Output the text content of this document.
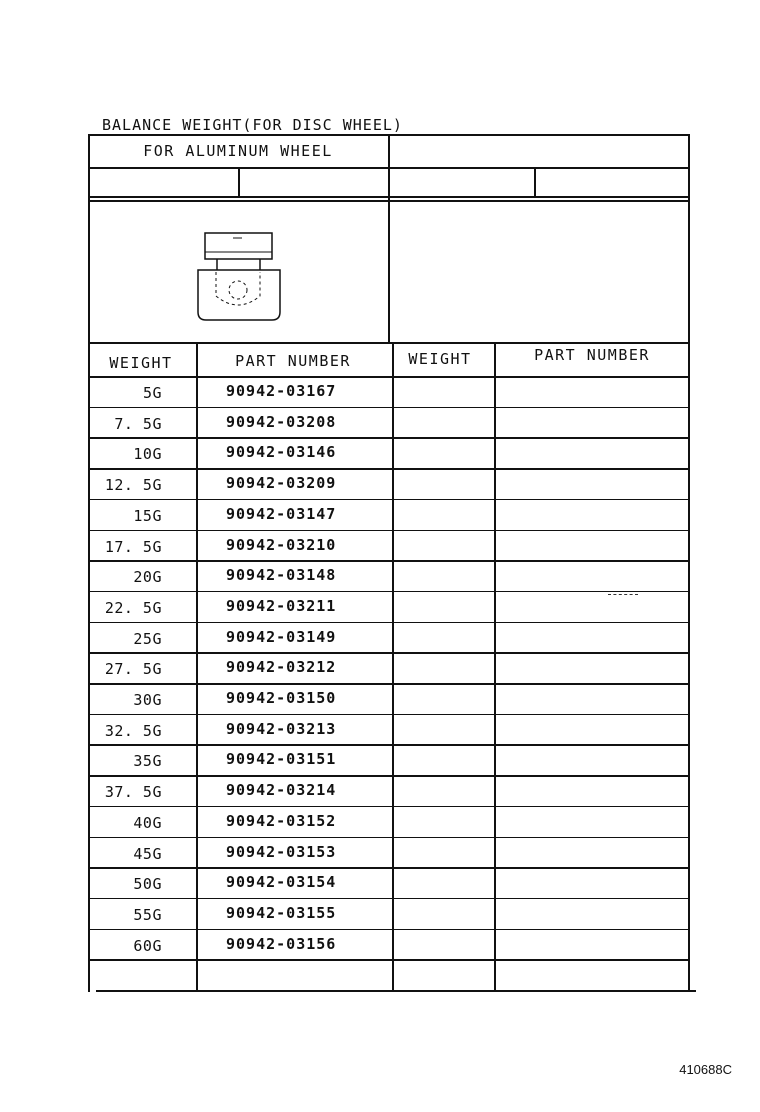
BALANCE WEIGHT(FOR DISC WHEEL)
FOR ALUMINUM WHEEL
WEIGHT	PART NUMBER	WEIGHT	PART NUMBER
5G	90942-03167
7. 5G	90942-03208
10G	90942-03146
12. 5G	90942-03209
15G	90942-03147
17. 5G	90942-03210
20G	90942-03148
22. 5G	90942-03211
25G	90942-03149
27. 5G	90942-03212
30G	90942-03150
32. 5G	90942-03213
35G	90942-03151
37. 5G	90942-03214
40G	90942-03152
45G	90942-03153
50G	90942-03154
55G	90942-03155
60G	90942-03156
410688C
